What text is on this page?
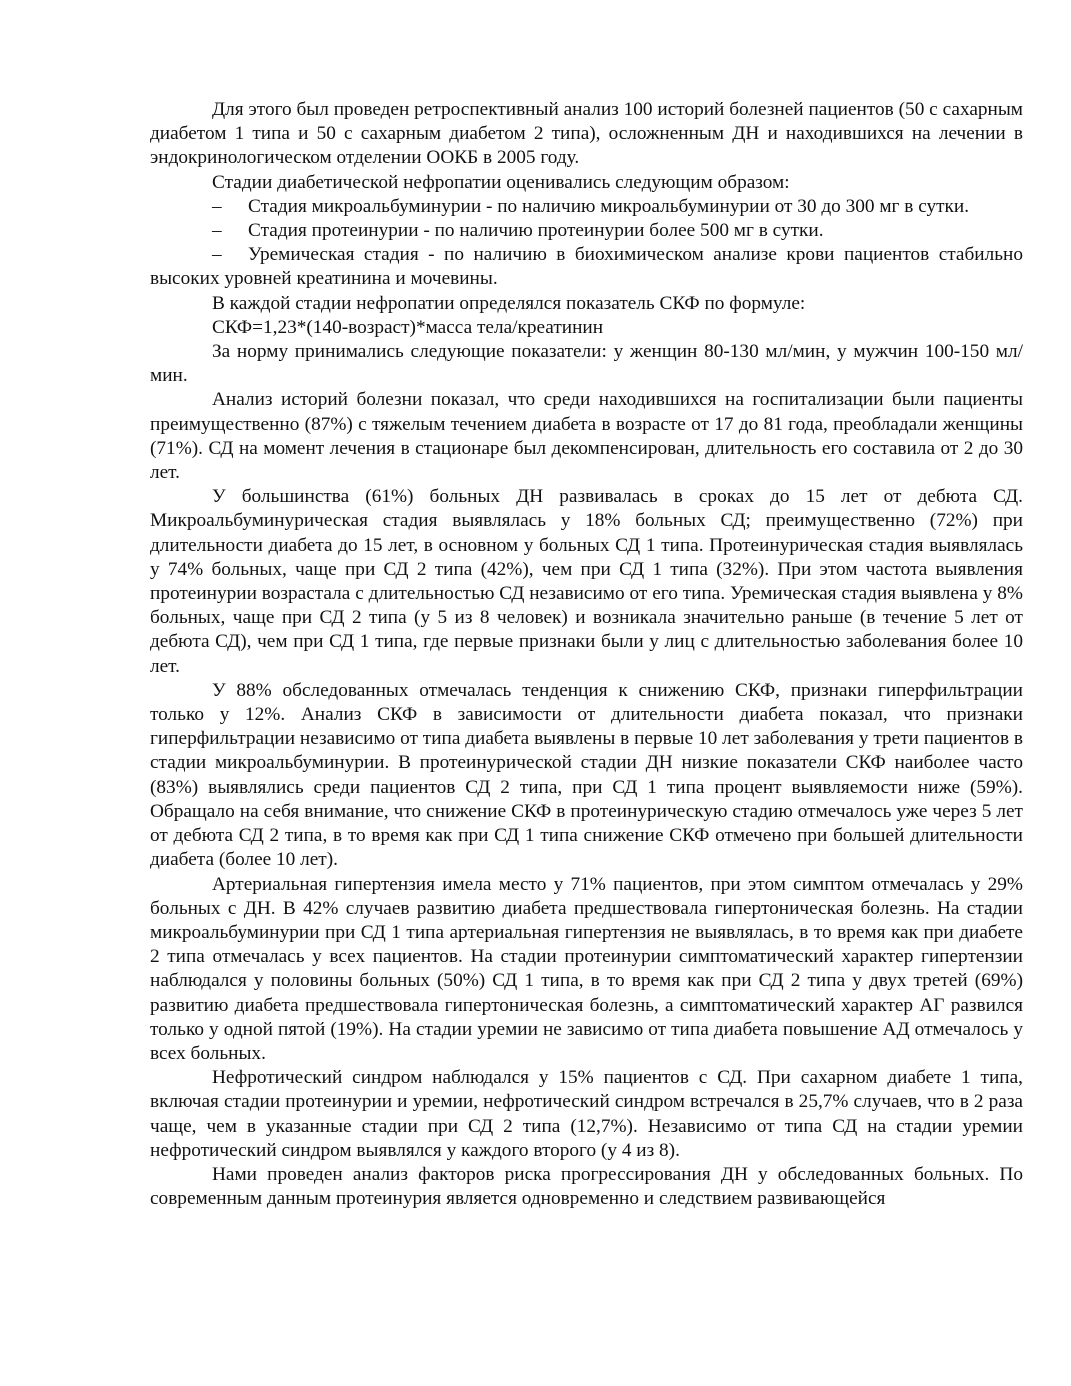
Для этого был проведен ретроспективный анализ 100 историй болезней пациентов (50 с сахарным диабетом 1 типа и 50 с сахарным диабетом 2 типа), осложненным ДН и находившихся на лечении в эндокринологическом отделении ООКБ в 2005 году.

Стадии диабетической нефропатии оценивались следующим образом:

– Стадия микроальбуминурии - по наличию микроальбуминурии от 30 до 300 мг в сутки.

– Стадия протеинурии - по наличию протеинурии более 500 мг в сутки.

– Уремическая стадия - по наличию в биохимическом анализе крови пациентов стабильно высоких уровней креатинина и мочевины.

В каждой стадии нефропатии определялся показатель СКФ по формуле:

СКФ=1,23*(140-возраст)*масса тела/креатинин

За норму принимались следующие показатели: у женщин 80-130 мл/мин, у мужчин 100-150 мл/мин.

Анализ историй болезни показал, что среди находившихся на госпитализации были пациенты преимущественно (87%) с тяжелым течением диабета в возрасте от 17 до 81 года, преобладали женщины (71%). СД на момент лечения в стационаре был декомпенсирован, длительность его составила от 2 до 30 лет.

У большинства (61%) больных ДН развивалась в сроках до 15 лет от дебюта СД. Микроальбуминурическая стадия выявлялась у 18% больных СД; преимущественно (72%) при длительности диабета до 15 лет, в основном у больных СД 1 типа. Протеинурическая стадия выявлялась у 74% больных, чаще при СД 2 типа (42%), чем при СД 1 типа (32%). При этом частота выявления протеинурии возрастала с длительностью СД независимо от его типа. Уремическая стадия выявлена у 8% больных, чаще при СД 2 типа (у 5 из 8 человек) и возникала значительно раньше (в течение 5 лет от дебюта СД), чем при СД 1 типа, где первые признаки были у лиц с длительностью заболевания более 10 лет.

У 88% обследованных отмечалась тенденция к снижению СКФ, признаки гиперфильтрации только у 12%. Анализ СКФ в зависимости от длительности диабета показал, что признаки гиперфильтрации независимо от типа диабета выявлены в первые 10 лет заболевания у трети пациентов в стадии микроальбуминурии. В протеинурической стадии ДН низкие показатели СКФ наиболее часто (83%) выявлялись среди пациентов СД 2 типа, при СД 1 типа процент выявляемости ниже (59%). Обращало на себя внимание, что снижение СКФ в протеинурическую стадию отмечалось уже через 5 лет от дебюта СД 2 типа, в то время как при СД 1 типа снижение СКФ отмечено при большей длительности диабета (более 10 лет).

Артериальная гипертензия имела место у 71% пациентов, при этом симптом отмечалась у 29% больных с ДН. В 42% случаев развитию диабета предшествовала гипертоническая болезнь. На стадии микроальбуминурии при СД 1 типа артериальная гипертензия не выявлялась, в то время как при диабете 2 типа отмечалась у всех пациентов. На стадии протеинурии симптоматический характер гипертензии наблюдался у половины больных (50%) СД 1 типа, в то время как при СД 2 типа у двух третей (69%) развитию диабета предшествовала гипертоническая болезнь, а симптоматический характер АГ развился только у одной пятой (19%). На стадии уремии не зависимо от типа диабета повышение АД отмечалось у всех больных.

Нефротический синдром наблюдался у 15% пациентов с СД. При сахарном диабете 1 типа, включая стадии протеинурии и уремии, нефротический синдром встречался в 25,7% случаев, что в 2 раза чаще, чем в указанные стадии при СД 2 типа (12,7%). Независимо от типа СД на стадии уремии нефротический синдром выявлялся у каждого второго (у 4 из 8).

Нами проведен анализ факторов риска прогрессирования ДН у обследованных больных. По современным данным протеинурия является одновременно и следствием развивающейся
